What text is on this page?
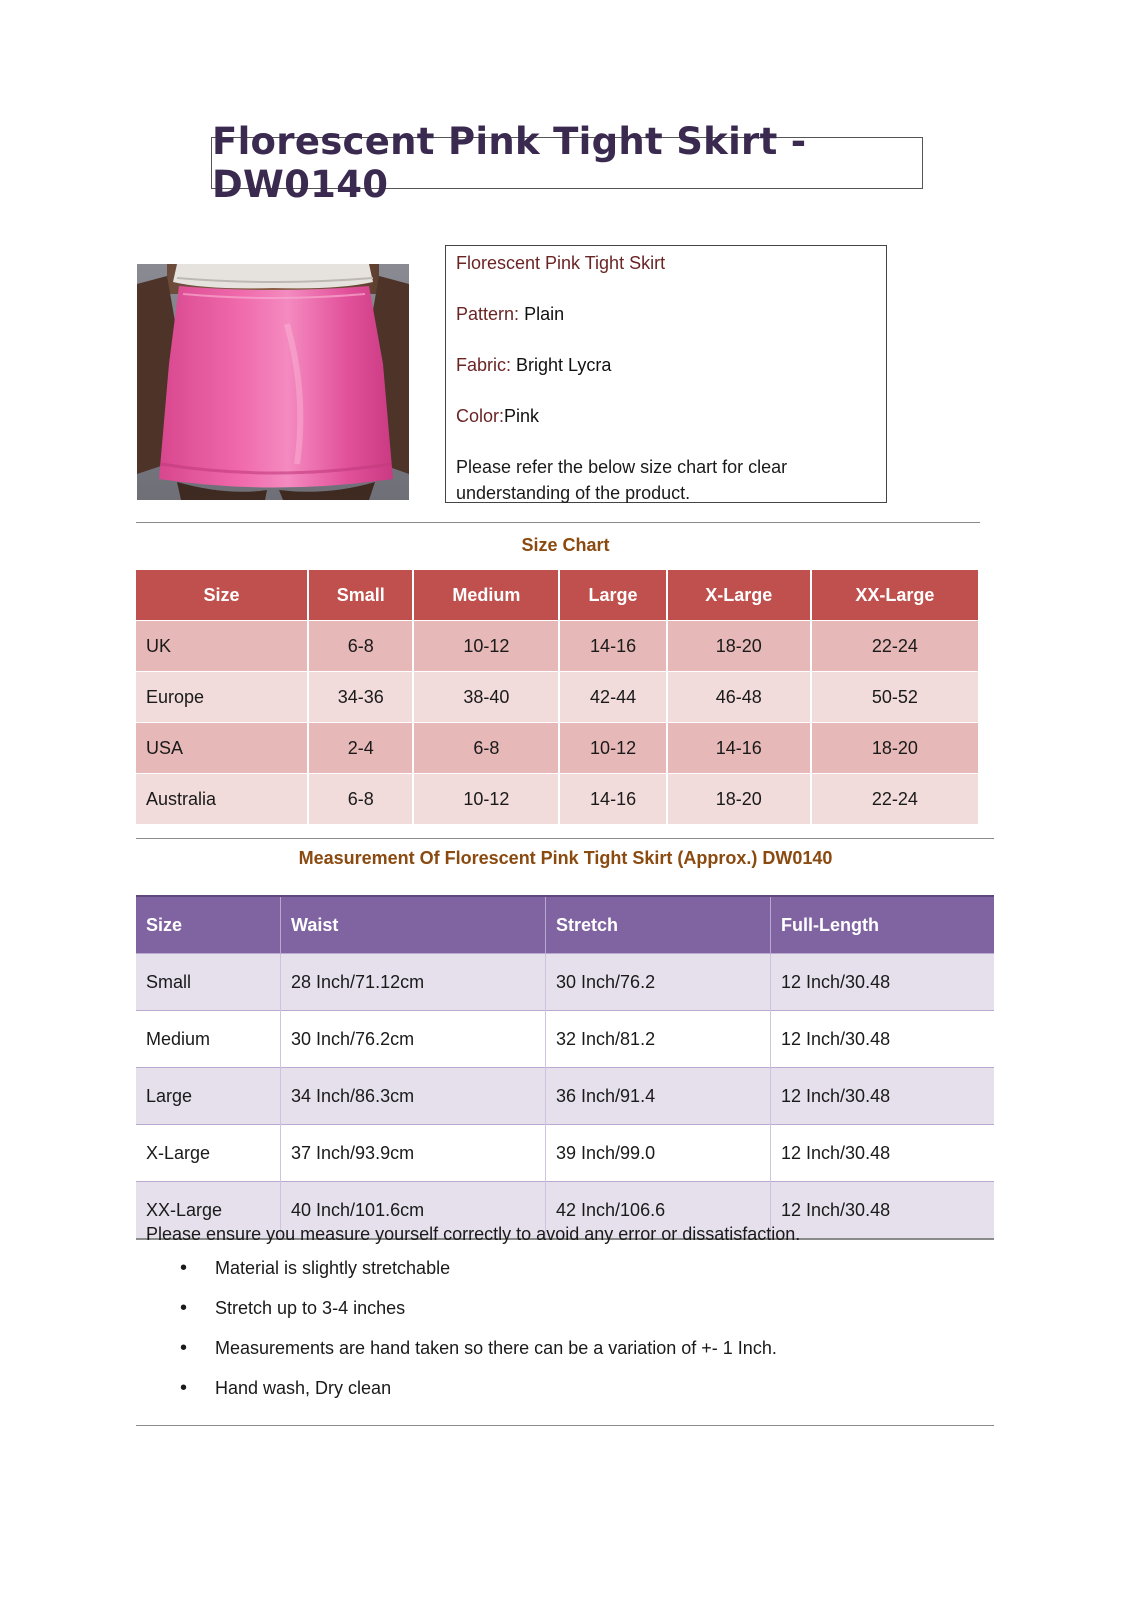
Florescent Pink Tight Skirt - DW0140

Florescent Pink Tight Skirt

Pattern: Plain

Fabric: Bright Lycra

Color:Pink

Please refer the below size chart for clear understanding of the product.

Size Chart
Size	Small	Medium	Large	X-Large	XX-Large
UK	6-8	10-12	14-16	18-20	22-24
Europe	34-36	38-40	42-44	46-48	50-52
USA	2-4	6-8	10-12	14-16	18-20
Australia	6-8	10-12	14-16	18-20	22-24
Measurement Of Florescent Pink Tight Skirt (Approx.) DW0140
Size	Waist	Stretch	Full-Length
Small	28 Inch/71.12cm	30 Inch/76.2	12 Inch/30.48
Medium	30 Inch/76.2cm	32 Inch/81.2	12 Inch/30.48
Large	34 Inch/86.3cm	36 Inch/91.4	12 Inch/30.48
X-Large	37 Inch/93.9cm	39 Inch/99.0	12 Inch/30.48
XX-Large	40 Inch/101.6cm	42 Inch/106.6	12 Inch/30.48

Please ensure you measure yourself correctly to avoid any error or dissatisfaction.

• Material is slightly stretchable
• Stretch up to 3-4 inches
• Measurements are hand taken so there can be a variation of +- 1 Inch.
• Hand wash, Dry clean
